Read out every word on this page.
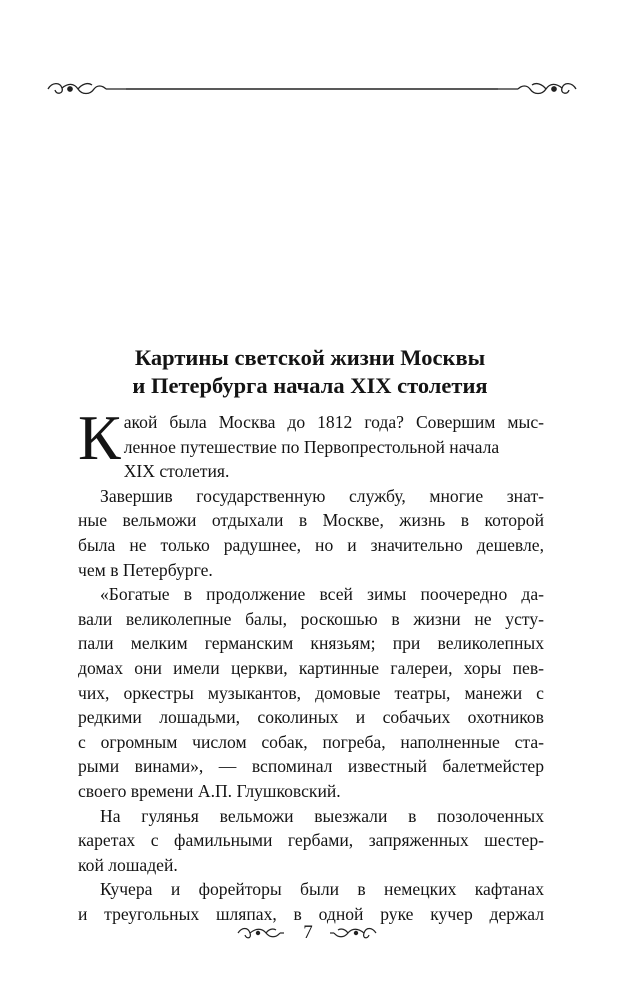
Картины светской жизни Москвы
и Петербурга начала XIX столетия
К акой была Москва до 1812 года? Совершим мыс-
ленное путешествие по Первопрестольной начала
XIX столетия.
Завершив государственную службу, многие знат-
ные вельможи отдыхали в Москве, жизнь в которой
была не только радушнее, но и значительно дешевле,
чем в Петербурге.
«Богатые в продолжение всей зимы поочередно да-
вали великолепные балы, роскошью в жизни не усту-
пали мелким германским князьям; при великолепных
домах они имели церкви, картинные галереи, хоры пев-
чих, оркестры музыкантов, домовые театры, манежи с
редкими лошадьми, соколиных и собачьих охотников
с огромным числом собак, погреба, наполненные ста-
рыми винами», — вспоминал известный балетмейстер
своего времени А.П. Глушковский.
На гулянья вельможи выезжали в позолоченных
каретах с фамильными гербами, запряженных шестер-
кой лошадей.
Кучера и форейторы были в немецких кафтанах
и треугольных шляпах, в одной руке кучер держал
7
